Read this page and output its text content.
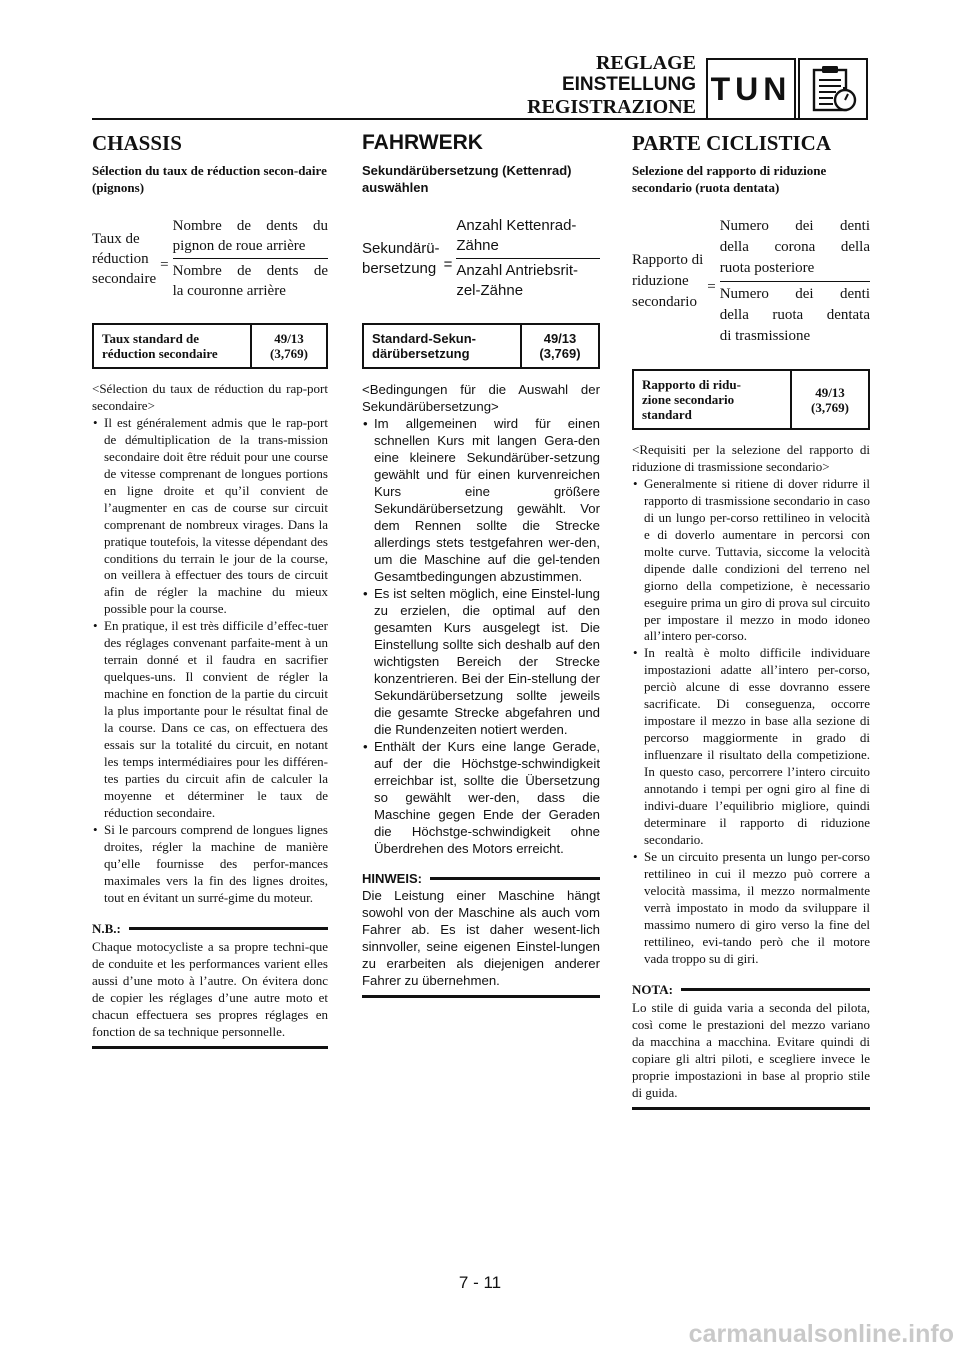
REGLAGE
EINSTELLUNG
REGISTRAZIONE
TUN
CHASSIS
Sélection du taux de réduction secon-daire (pignons)
Taux de
réduction
secondaire
= Nombre de dents du
pignon de roue arrière
Nombre de dents de
la couronne arrière
Taux standard de
réduction secondaire
49/13
(3,769)

<Sélection du taux de réduction du rap-port secondaire>

• Il est généralement admis que le rap-port de démultiplication de la trans-mission secondaire doit être réduit pour une course de vitesse comprenant de longues portions en ligne droite et qu’il convient de l’augmenter en cas de course sur circuit comprenant de nombreux virages. Dans la pratique toutefois, la vitesse dépendant des conditions du terrain le jour de la course, on veillera à effectuer des tours de circuit afin de régler la machine du mieux possible pour la course.
• En pratique, il est très difficile d’effec-tuer des réglages convenant parfaite-ment à un terrain donné et il faudra en sacrifier quelques-uns. Il convient de régler la machine en fonction de la partie du circuit la plus importante pour le résultat final de la course. Dans ce cas, on effectuera des essais sur la totalité du circuit, en notant les temps intermédiaires pour les différen-tes parties du circuit afin de calculer la moyenne et déterminer le taux de réduction secondaire.
• Si le parcours comprend de longues lignes droites, régler la machine de manière qu’elle fournisse des perfor-mances maximales vers la fin des lignes droites, tout en évitant un surré-gime du moteur.
N.B.:
Chaque motocycliste a sa propre techni-que de conduite et les performances varient elles aussi d’une moto à l’autre. On évitera donc de copier les réglages d’une autre moto et chacun effectuera ses propres réglages en fonction de sa technique personnelle.
FAHRWERK
Sekundärübersetzung (Kettenrad) auswählen
Sekundärü-
bersetzung = Anzahl Kettenrad-
Zähne
Anzahl Antriebsrit-
zel-Zähne
Standard-Sekun-
därübersetzung
49/13
(3,769)

<Bedingungen für die Auswahl der Sekundärübersetzung>

• Im allgemeinen wird für einen schnellen Kurs mit langen Gera-den eine kleinere Sekundärüber-setzung gewählt und für einen kurvenreichen Kurs eine größere Sekundärübersetzung gewählt. Vor dem Rennen sollte die Strecke allerdings stets testgefahren wer-den, um die Maschine auf die gel-tenden Gesamtbedingungen abzustimmen.
• Es ist selten möglich, eine Einstel-lung zu erzielen, die optimal auf den gesamten Kurs ausgelegt ist. Die Einstellung sollte sich deshalb auf den wichtigsten Bereich der Strecke konzentrieren. Bei der Ein-stellung der Sekundärübersetzung sollte jeweils die gesamte Strecke abgefahren und die Rundenzeiten notiert werden.
• Enthält der Kurs eine lange Gerade, auf der die Höchstge-schwindigkeit erreichbar ist, sollte die Übersetzung so gewählt wer-den, dass die Maschine gegen Ende der Geraden die Höchstge-schwindigkeit ohne Überdrehen des Motors erreicht.
HINWEIS:
Die Leistung einer Maschine hängt sowohl von der Maschine als auch vom Fahrer ab. Es ist daher wesent-lich sinnvoller, seine eigenen Einstel-lungen zu erarbeiten als diejenigen anderer Fahrer zu übernehmen.
PARTE CICLISTICA
Selezione del rapporto di riduzione secondario (ruota dentata)
Rapporto di
riduzione
secondario
=
Numero dei denti
della corona della
ruota posteriore
Numero dei denti
della ruota dentata
di trasmissione
Rapporto di ridu-
zione secondario
standard
49/13
(3,769)

<Requisiti per la selezione del rapporto di riduzione di trasmissione secondario>

• Generalmente si ritiene di dover ridurre il rapporto di trasmissione secondario in caso di un lungo per-corso rettilineo in velocità e di doverlo aumentare in percorsi con molte curve. Tuttavia, siccome la velocità dipende dalle condizioni del terreno nel giorno della competizione, è necessario eseguire prima un giro di prova sul circuito per impostare il mezzo in modo idoneo all’intero per-corso.
• In realtà è molto difficile individuare impostazioni adatte all’intero per-corso, perciò alcune di esse dovranno essere sacrificate. Di conseguenza, occorre impostare il mezzo in base alla sezione di percorso maggiormente in grado di influenzare il risultato della competizione. In questo caso, percorrere l’intero circuito annotando i tempi per ogni giro al fine di indivi-duare l’equilibrio migliore, quindi determinare il rapporto di riduzione secondario.
• Se un circuito presenta un lungo per-corso rettilineo in cui il mezzo può correre a velocità massima, il mezzo normalmente verrà impostato in modo da sviluppare il massimo numero di giro verso la fine del rettilineo, evi-tando però che il motore vada troppo su di giri.
NOTA:
Lo stile di guida varia a seconda del pilota, così come le prestazioni del mezzo variano da macchina a macchina. Evitare quindi di copiare gli altri piloti, e scegliere invece le proprie impostazioni in base al proprio stile di guida.
7 - 11
carmanualsonline.info
